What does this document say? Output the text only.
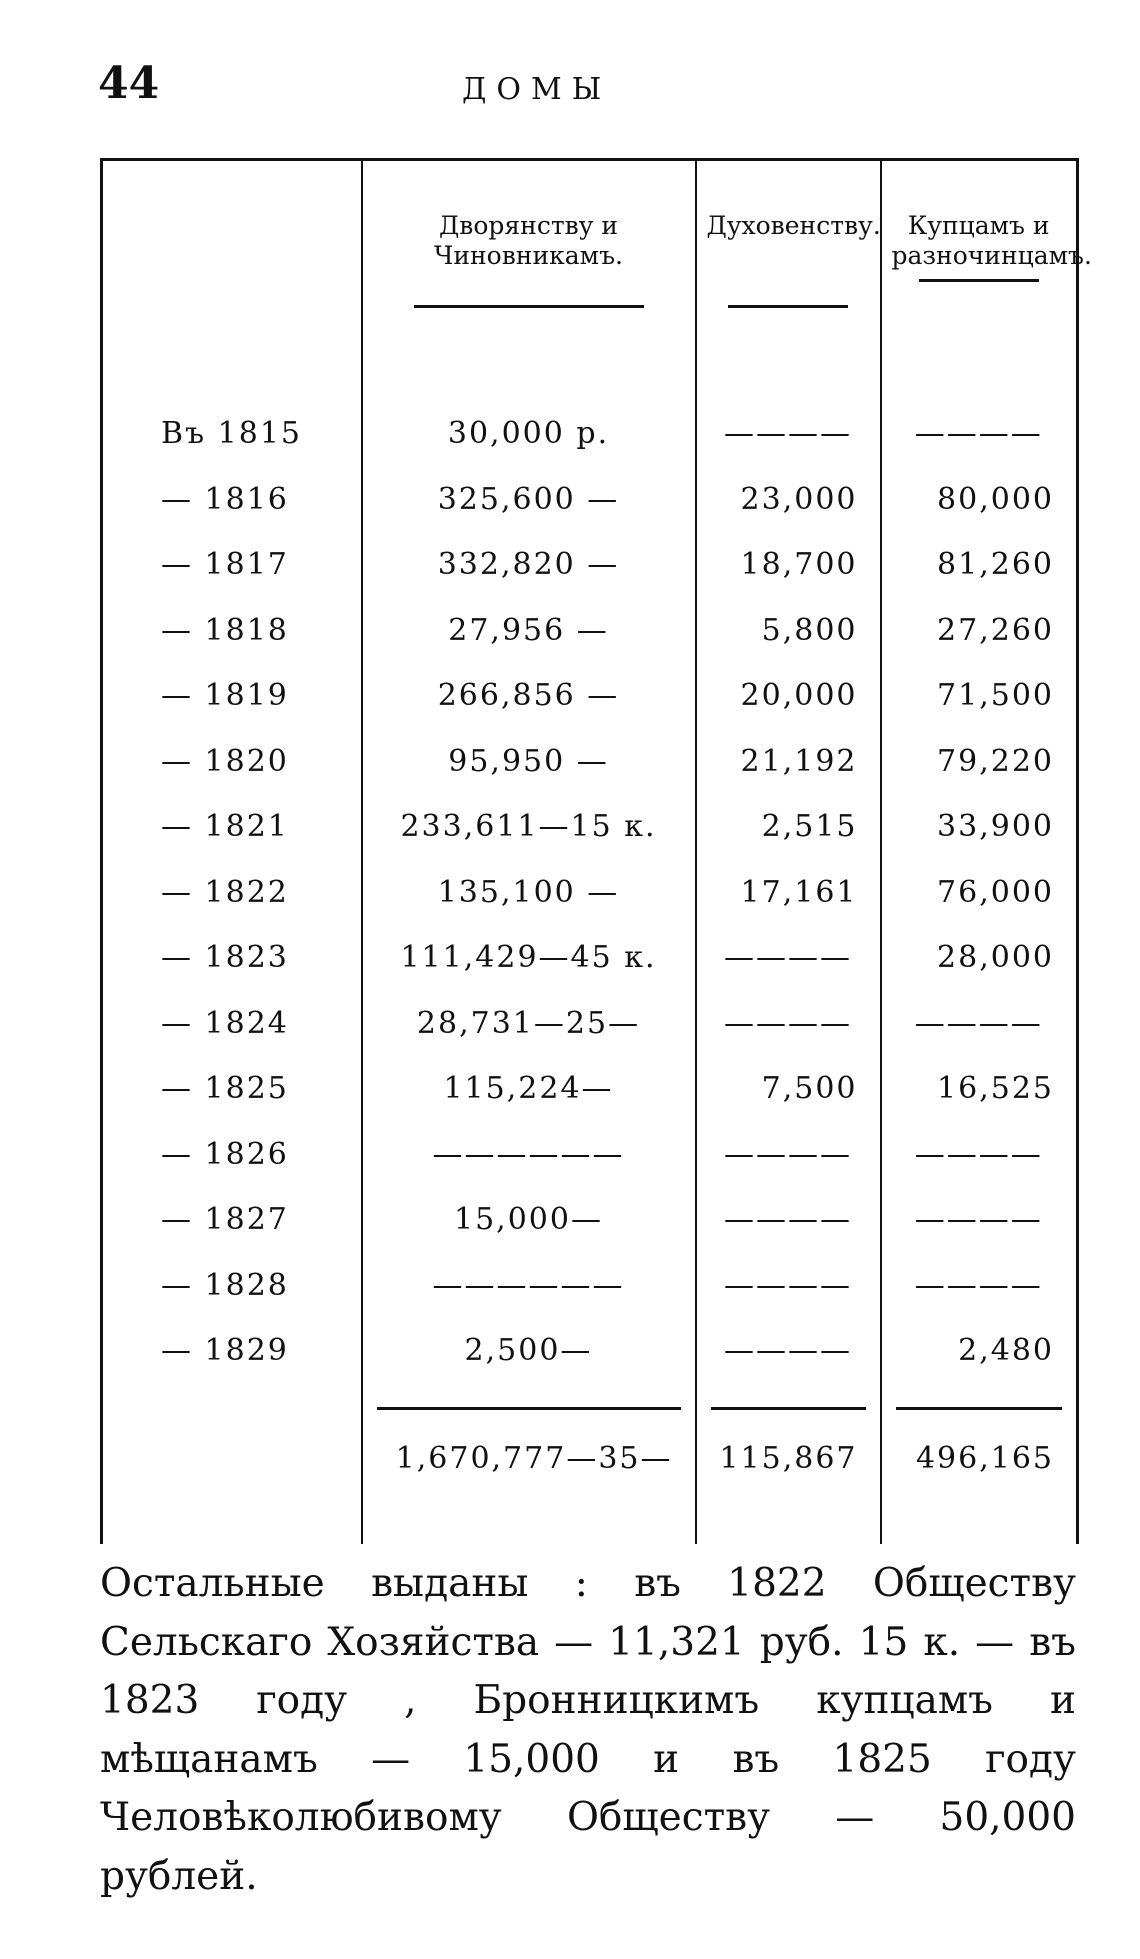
44	ДОМЫ

	Дворянству и Чиновникамъ.	Духовенству.	Купцамъ и разночинцамъ.

Въ 1815	30,000 р.	————	————
— 1816	325,600 —	23,000	80,000
— 1817	332,820 —	18,700	81,260
— 1818	27,956 —	5,800	27,260
— 1819	266,856 —	20,000	71,500
— 1820	95,950 —	21,192	79,220
— 1821	233,611—15 к.	2,515	33,900
— 1822	135,100 —	17,161	76,000
— 1823	111,429—45 к.	————	28,000
— 1824	28,731—25—	————	————
— 1825	115,224—	7,500	16,525
— 1826	——————	————	————
— 1827	15,000—	————	————
— 1828	——————	————	————
— 1829	2,500—	————	2,480

	1,670,777—35—	115,867	496,165

Остальные выданы : въ 1822 Обществу Сельскаго Хозяйства — 11,321 руб. 15 к. — въ 1823 году , Бронницкимъ купцамъ и мѣщанамъ — 15,000 и въ 1825 году Человѣколюбивому Обществу — 50,000 рублей.
